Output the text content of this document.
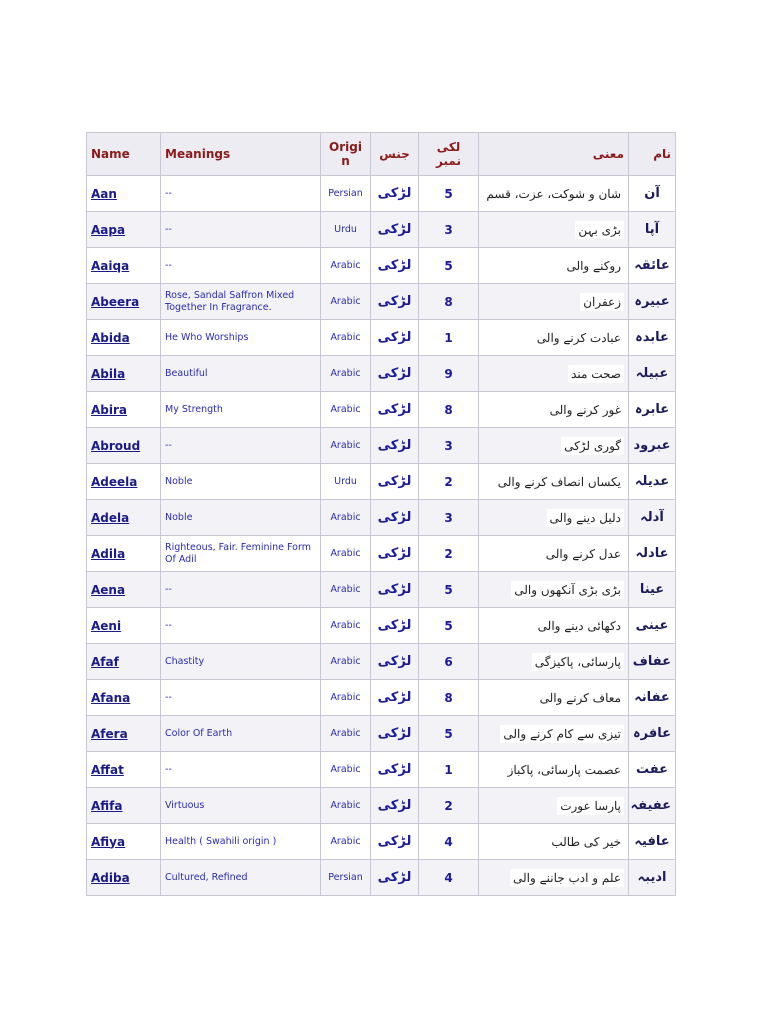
Name	Meanings	Origi n	جنس	لکی نمبر	معنی	نام
Aan	--	Persian	لڑکی	5	شان و شوکت، عزت، قسم	آن
Aapa	--	Urdu	لڑکی	3	بڑی بہن	آپا
Aaiqa	--	Arabic	لڑکی	5	روکنے والی	عائقہ
Abeera	Rose, Sandal Saffron Mixed Together In Fragrance.	Arabic	لڑکی	8	زعفران	عبیرہ
Abida	He Who Worships	Arabic	لڑکی	1	عبادت کرنے والی	عابدہ
Abila	Beautiful	Arabic	لڑکی	9	صحت مند	عبیلہ
Abira	My Strength	Arabic	لڑکی	8	غور کرنے والی	عابرہ
Abroud	--	Arabic	لڑکی	3	گوری لڑکی	عبرود
Adeela	Noble	Urdu	لڑکی	2	یکساں انصاف کرنے والی	عدیلہ
Adela	Noble	Arabic	لڑکی	3	دلیل دینے والی	آدلہ
Adila	Righteous, Fair. Feminine Form Of Adil	Arabic	لڑکی	2	عدل کرنے والی	عادلہ
Aena	--	Arabic	لڑکی	5	بڑی بڑی آنکھوں والی	عینا
Aeni	--	Arabic	لڑکی	5	دکھائی دینے والی	عینی
Afaf	Chastity	Arabic	لڑکی	6	پارسائی، پاکیزگی	عفاف
Afana	--	Arabic	لڑکی	8	معاف کرنے والی	عفانہ
Afera	Color Of Earth	Arabic	لڑکی	5	تیزی سے کام کرنے والی	عافرہ
Affat	--	Arabic	لڑکی	1	عصمت پارسائی، پاکباز	عفت
Afifa	Virtuous	Arabic	لڑکی	2	پارسا عورت	عفیفہ
Afiya	Health ( Swahili origin )	Arabic	لڑکی	4	خیر کی طالب	عافیہ
Adiba	Cultured, Refined	Persian	لڑکی	4	علم و ادب جاننے والی	ادیبہ
